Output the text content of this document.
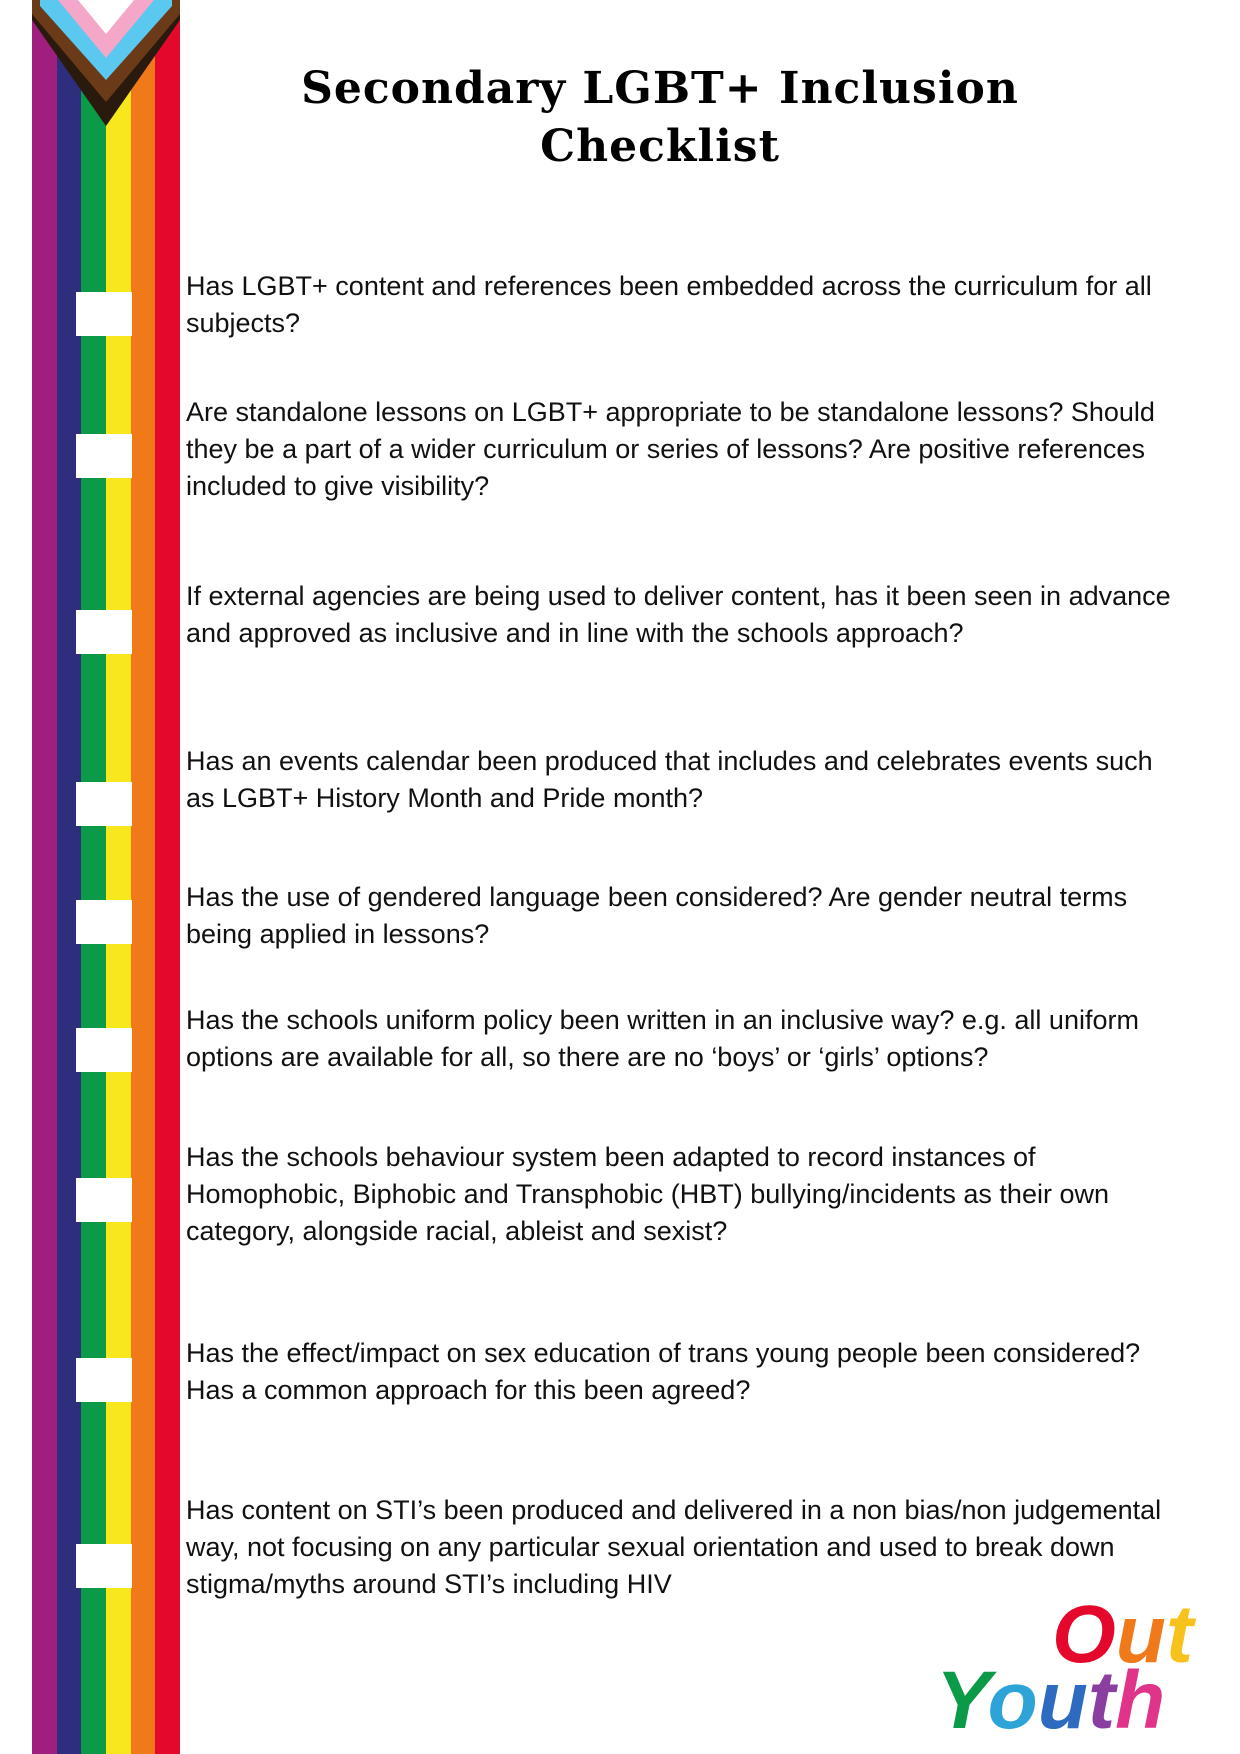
Secondary LGBT+ Inclusion
Checklist
Has LGBT+ content and references been embedded across the curriculum for all subjects?
Are standalone lessons on LGBT+ appropriate to be standalone lessons? Should they be a part of a wider curriculum or series of lessons? Are positive references included to give visibility?
If external agencies are being used to deliver content, has it been seen in advance and approved as inclusive and in line with the schools approach?
Has an events calendar been produced that includes and celebrates events such as LGBT+ History Month and Pride month?
Has the use of gendered language been considered? Are gender neutral terms being applied in lessons?
Has the schools uniform policy been written in an inclusive way? e.g. all uniform options are available for all, so there are no ‘boys’ or ‘girls’ options?
Has the schools behaviour system been adapted to record instances of Homophobic, Biphobic and Transphobic (HBT) bullying/incidents as their own category, alongside racial, ableist and sexist?
Has the effect/impact on sex education of trans young people been considered? Has a common approach for this been agreed?
Has content on STI’s been produced and delivered in a non bias/non judgemental way, not focusing on any particular sexual orientation and used to break down stigma/myths around STI’s including HIV
Out
Youth
